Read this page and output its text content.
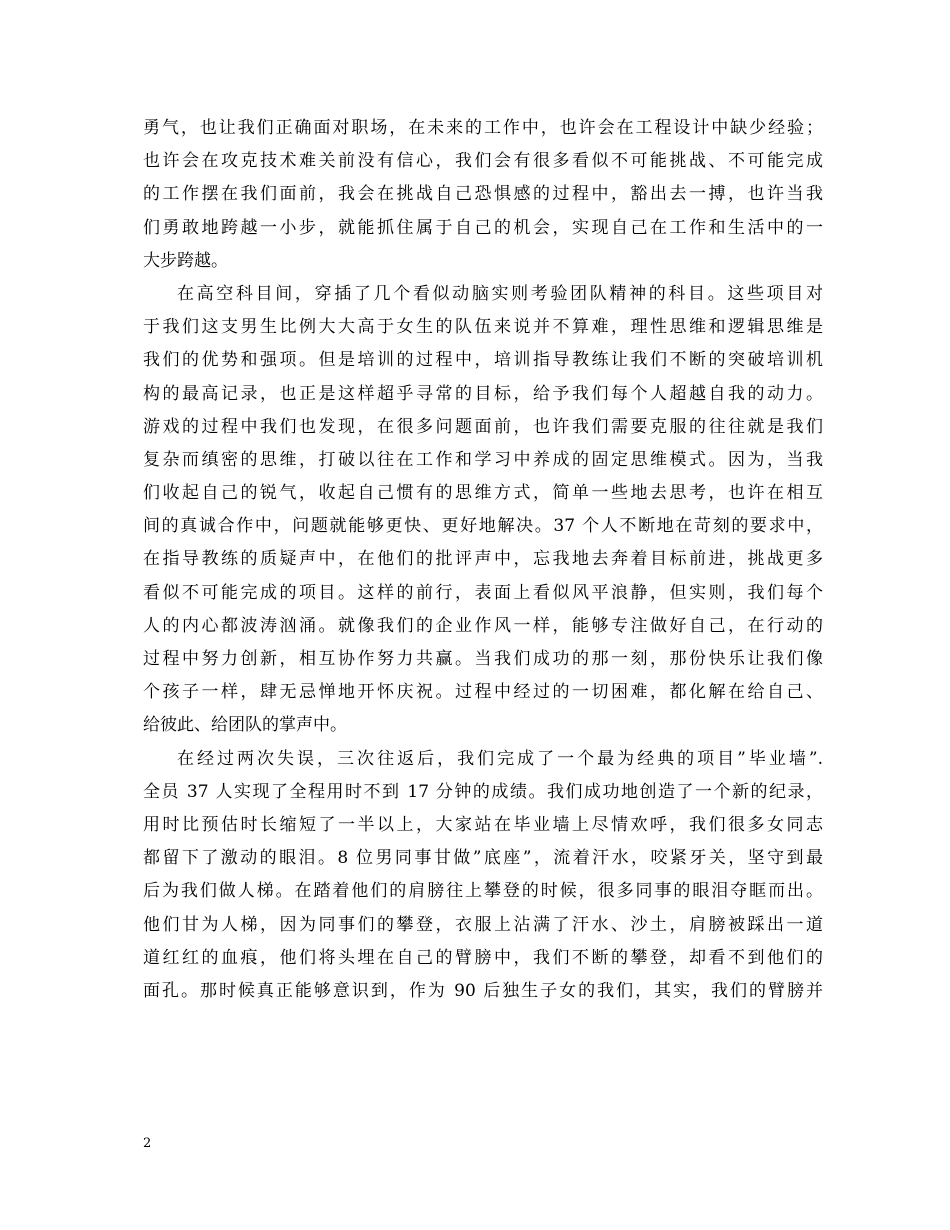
勇气，也让我们正确面对职场，在未来的工作中，也许会在工程设计中缺少经验；
也许会在攻克技术难关前没有信心，我们会有很多看似不可能挑战、不可能完成
的工作摆在我们面前，我会在挑战自己恐惧感的过程中，豁出去一搏，也许当我
们勇敢地跨越一小步，就能抓住属于自己的机会，实现自己在工作和生活中的一
大步跨越。
在高空科目间，穿插了几个看似动脑实则考验团队精神的科目。这些项目对
于我们这支男生比例大大高于女生的队伍来说并不算难，理性思维和逻辑思维是
我们的优势和强项。但是培训的过程中，培训指导教练让我们不断的突破培训机
构的最高记录，也正是这样超乎寻常的目标，给予我们每个人超越自我的动力。
游戏的过程中我们也发现，在很多问题面前，也许我们需要克服的往往就是我们
复杂而缜密的思维，打破以往在工作和学习中养成的固定思维模式。因为，当我
们收起自己的锐气，收起自己惯有的思维方式，简单一些地去思考，也许在相互
间的真诚合作中，问题就能够更快、更好地解决。37 个人不断地在苛刻的要求中，
在指导教练的质疑声中，在他们的批评声中，忘我地去奔着目标前进，挑战更多
看似不可能完成的项目。这样的前行，表面上看似风平浪静，但实则，我们每个
人的内心都波涛汹涌。就像我们的企业作风一样，能够专注做好自己，在行动的
过程中努力创新，相互协作努力共赢。当我们成功的那一刻，那份快乐让我们像
个孩子一样，肆无忌惮地开怀庆祝。过程中经过的一切困难，都化解在给自己、
给彼此、给团队的掌声中。
在经过两次失误，三次往返后，我们完成了一个最为经典的项目”毕业墙”.
全员 37 人实现了全程用时不到 17 分钟的成绩。我们成功地创造了一个新的纪录，
用时比预估时长缩短了一半以上，大家站在毕业墙上尽情欢呼，我们很多女同志
都留下了激动的眼泪。8 位男同事甘做”底座”，流着汗水，咬紧牙关，坚守到最
后为我们做人梯。在踏着他们的肩膀往上攀登的时候，很多同事的眼泪夺眶而出。
他们甘为人梯，因为同事们的攀登，衣服上沾满了汗水、沙土，肩膀被踩出一道
道红红的血痕，他们将头埋在自己的臂膀中，我们不断的攀登，却看不到他们的
面孔。那时候真正能够意识到，作为 90 后独生子女的我们，其实，我们的臂膀并
2
